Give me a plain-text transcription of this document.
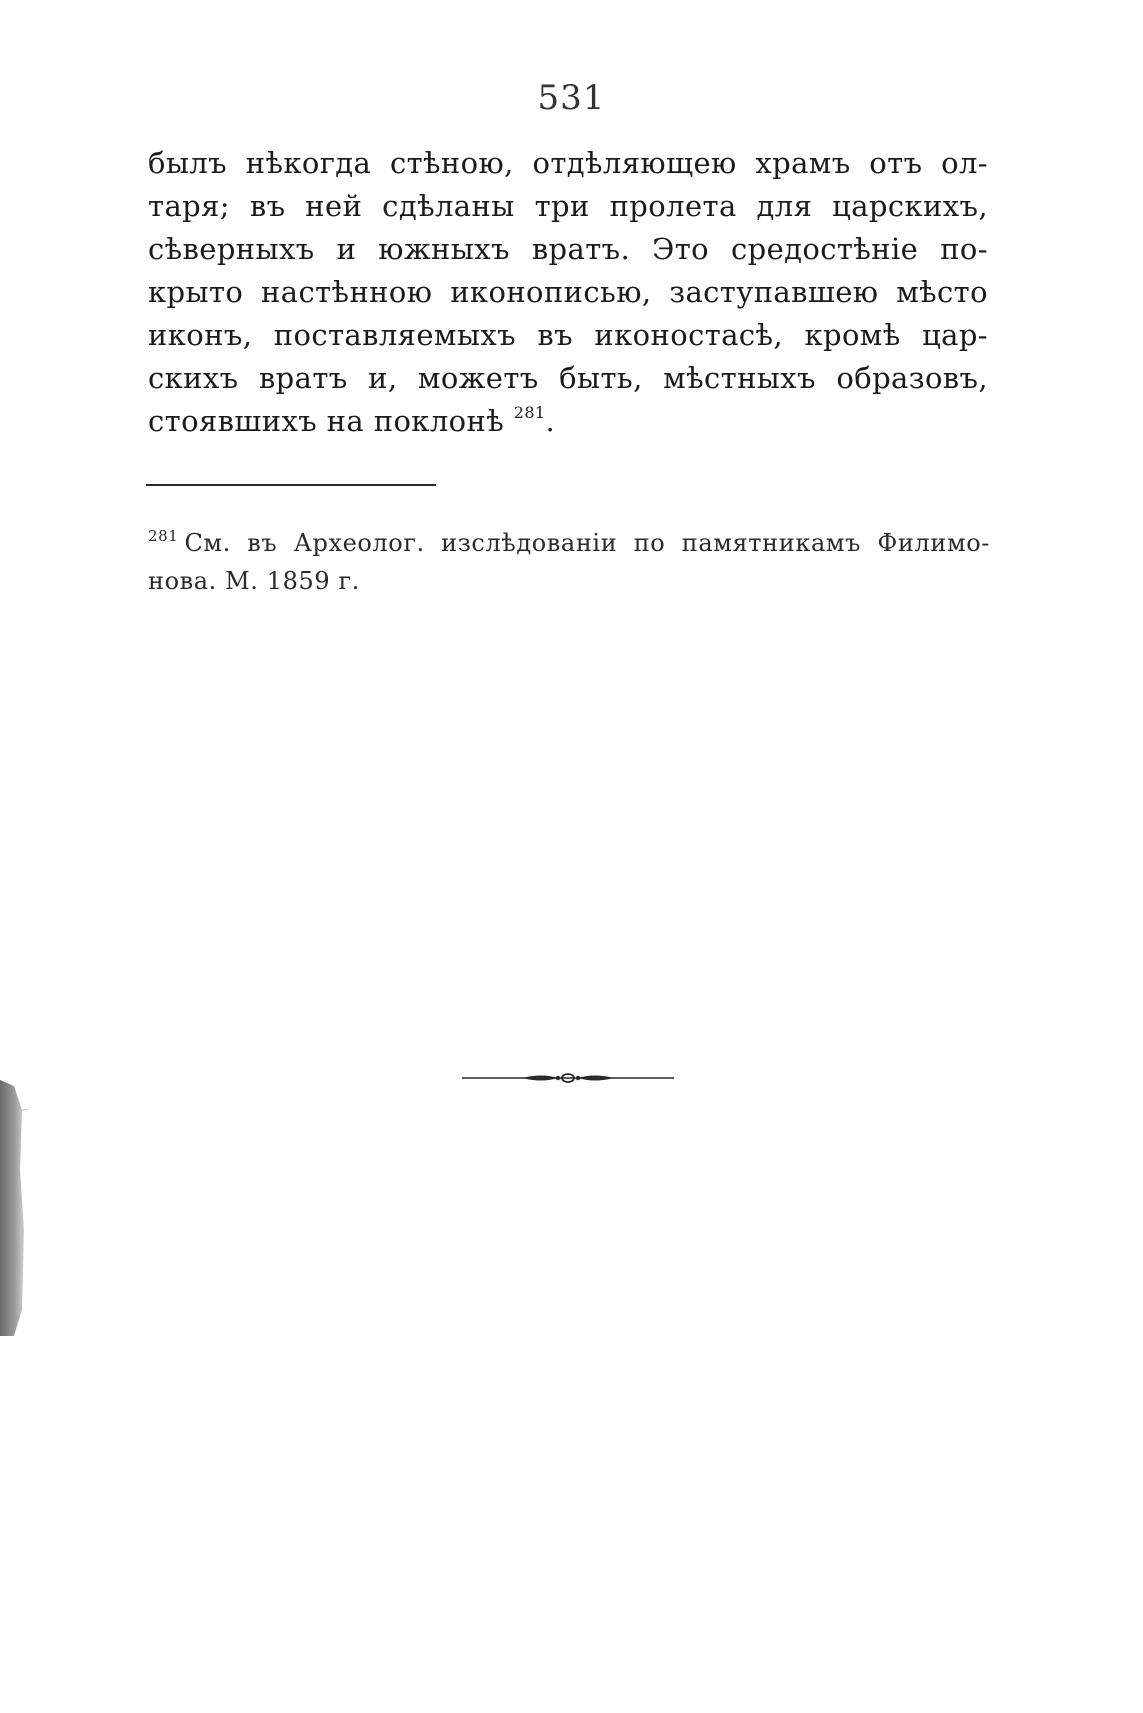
531
былъ нѣкогда стѣною, отдѣляющею храмъ отъ ол-
таря; въ ней сдѣланы три пролета для царскихъ,
сѣверныхъ и южныхъ вратъ. Это средостѣніе по-
крыто настѣнною иконописью, заступавшею мѣсто
иконъ, поставляемыхъ въ иконостасѣ, кромѣ цар-
скихъ вратъ и, можетъ быть, мѣстныхъ образовъ,
стоявшихъ на поклонѣ $^{281}$.
$^{281}$ См. въ Археолог. изслѣдованіи по памятникамъ Филимо-
нова. М. 1859 г.
